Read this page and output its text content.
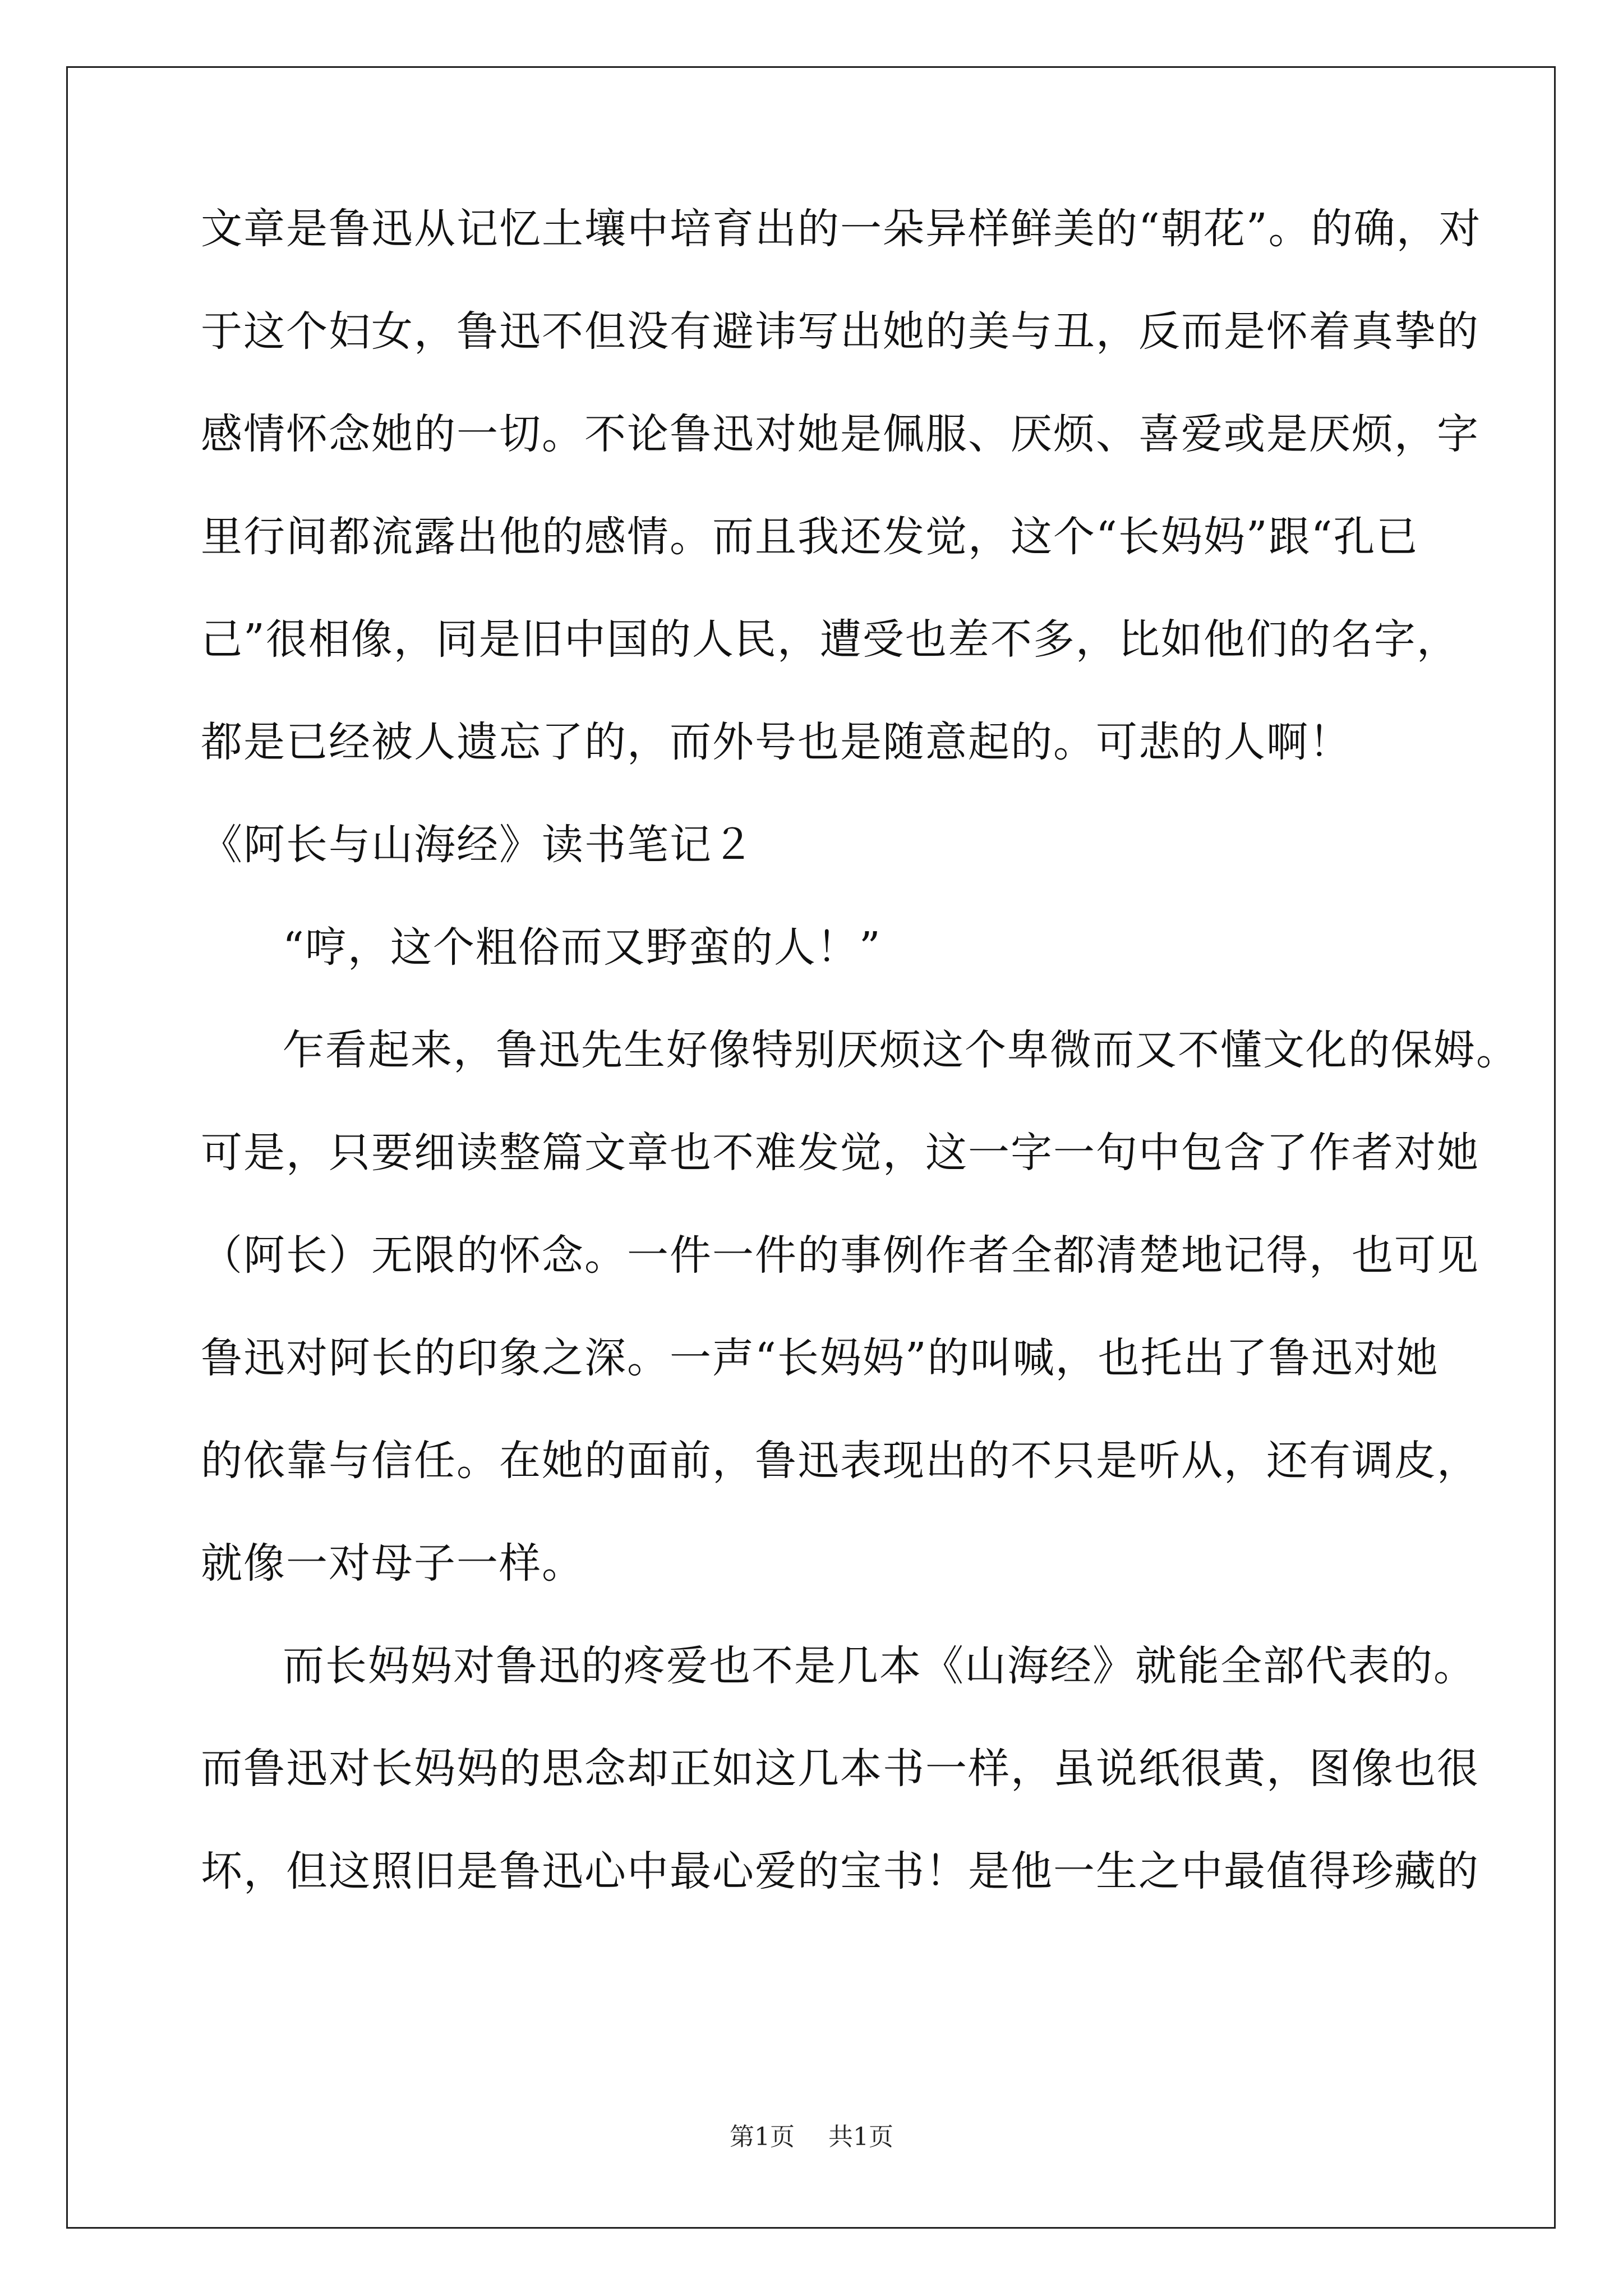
文章是鲁迅从记忆土壤中培育出的一朵异样鲜美的“朝花”。的确，对
于这个妇女，鲁迅不但没有避讳写出她的美与丑，反而是怀着真挚的
感情怀念她的一切。不论鲁迅对她是佩服、厌烦、喜爱或是厌烦，字
里行间都流露出他的感情。而且我还发觉，这个“长妈妈”跟“孔已
己”很相像，同是旧中国的人民，遭受也差不多，比如他们的名字，
都是已经被人遗忘了的，而外号也是随意起的。可悲的人啊！
《阿长与山海经》读书笔记２
“哼，这个粗俗而又野蛮的人！”
乍看起来，鲁迅先生好像特别厌烦这个卑微而又不懂文化的保姆。
可是，只要细读整篇文章也不难发觉，这一字一句中包含了作者对她
（阿长）无限的怀念。一件一件的事例作者全都清楚地记得，也可见
鲁迅对阿长的印象之深。一声“长妈妈”的叫喊，也托出了鲁迅对她
的依靠与信任。在她的面前，鲁迅表现出的不只是听从，还有调皮，
就像一对母子一样。
而长妈妈对鲁迅的疼爱也不是几本《山海经》就能全部代表的。
而鲁迅对长妈妈的思念却正如这几本书一样，虽说纸很黄，图像也很
坏，但这照旧是鲁迅心中最心爱的宝书！是他一生之中最值得珍藏的
第1页 共1页
